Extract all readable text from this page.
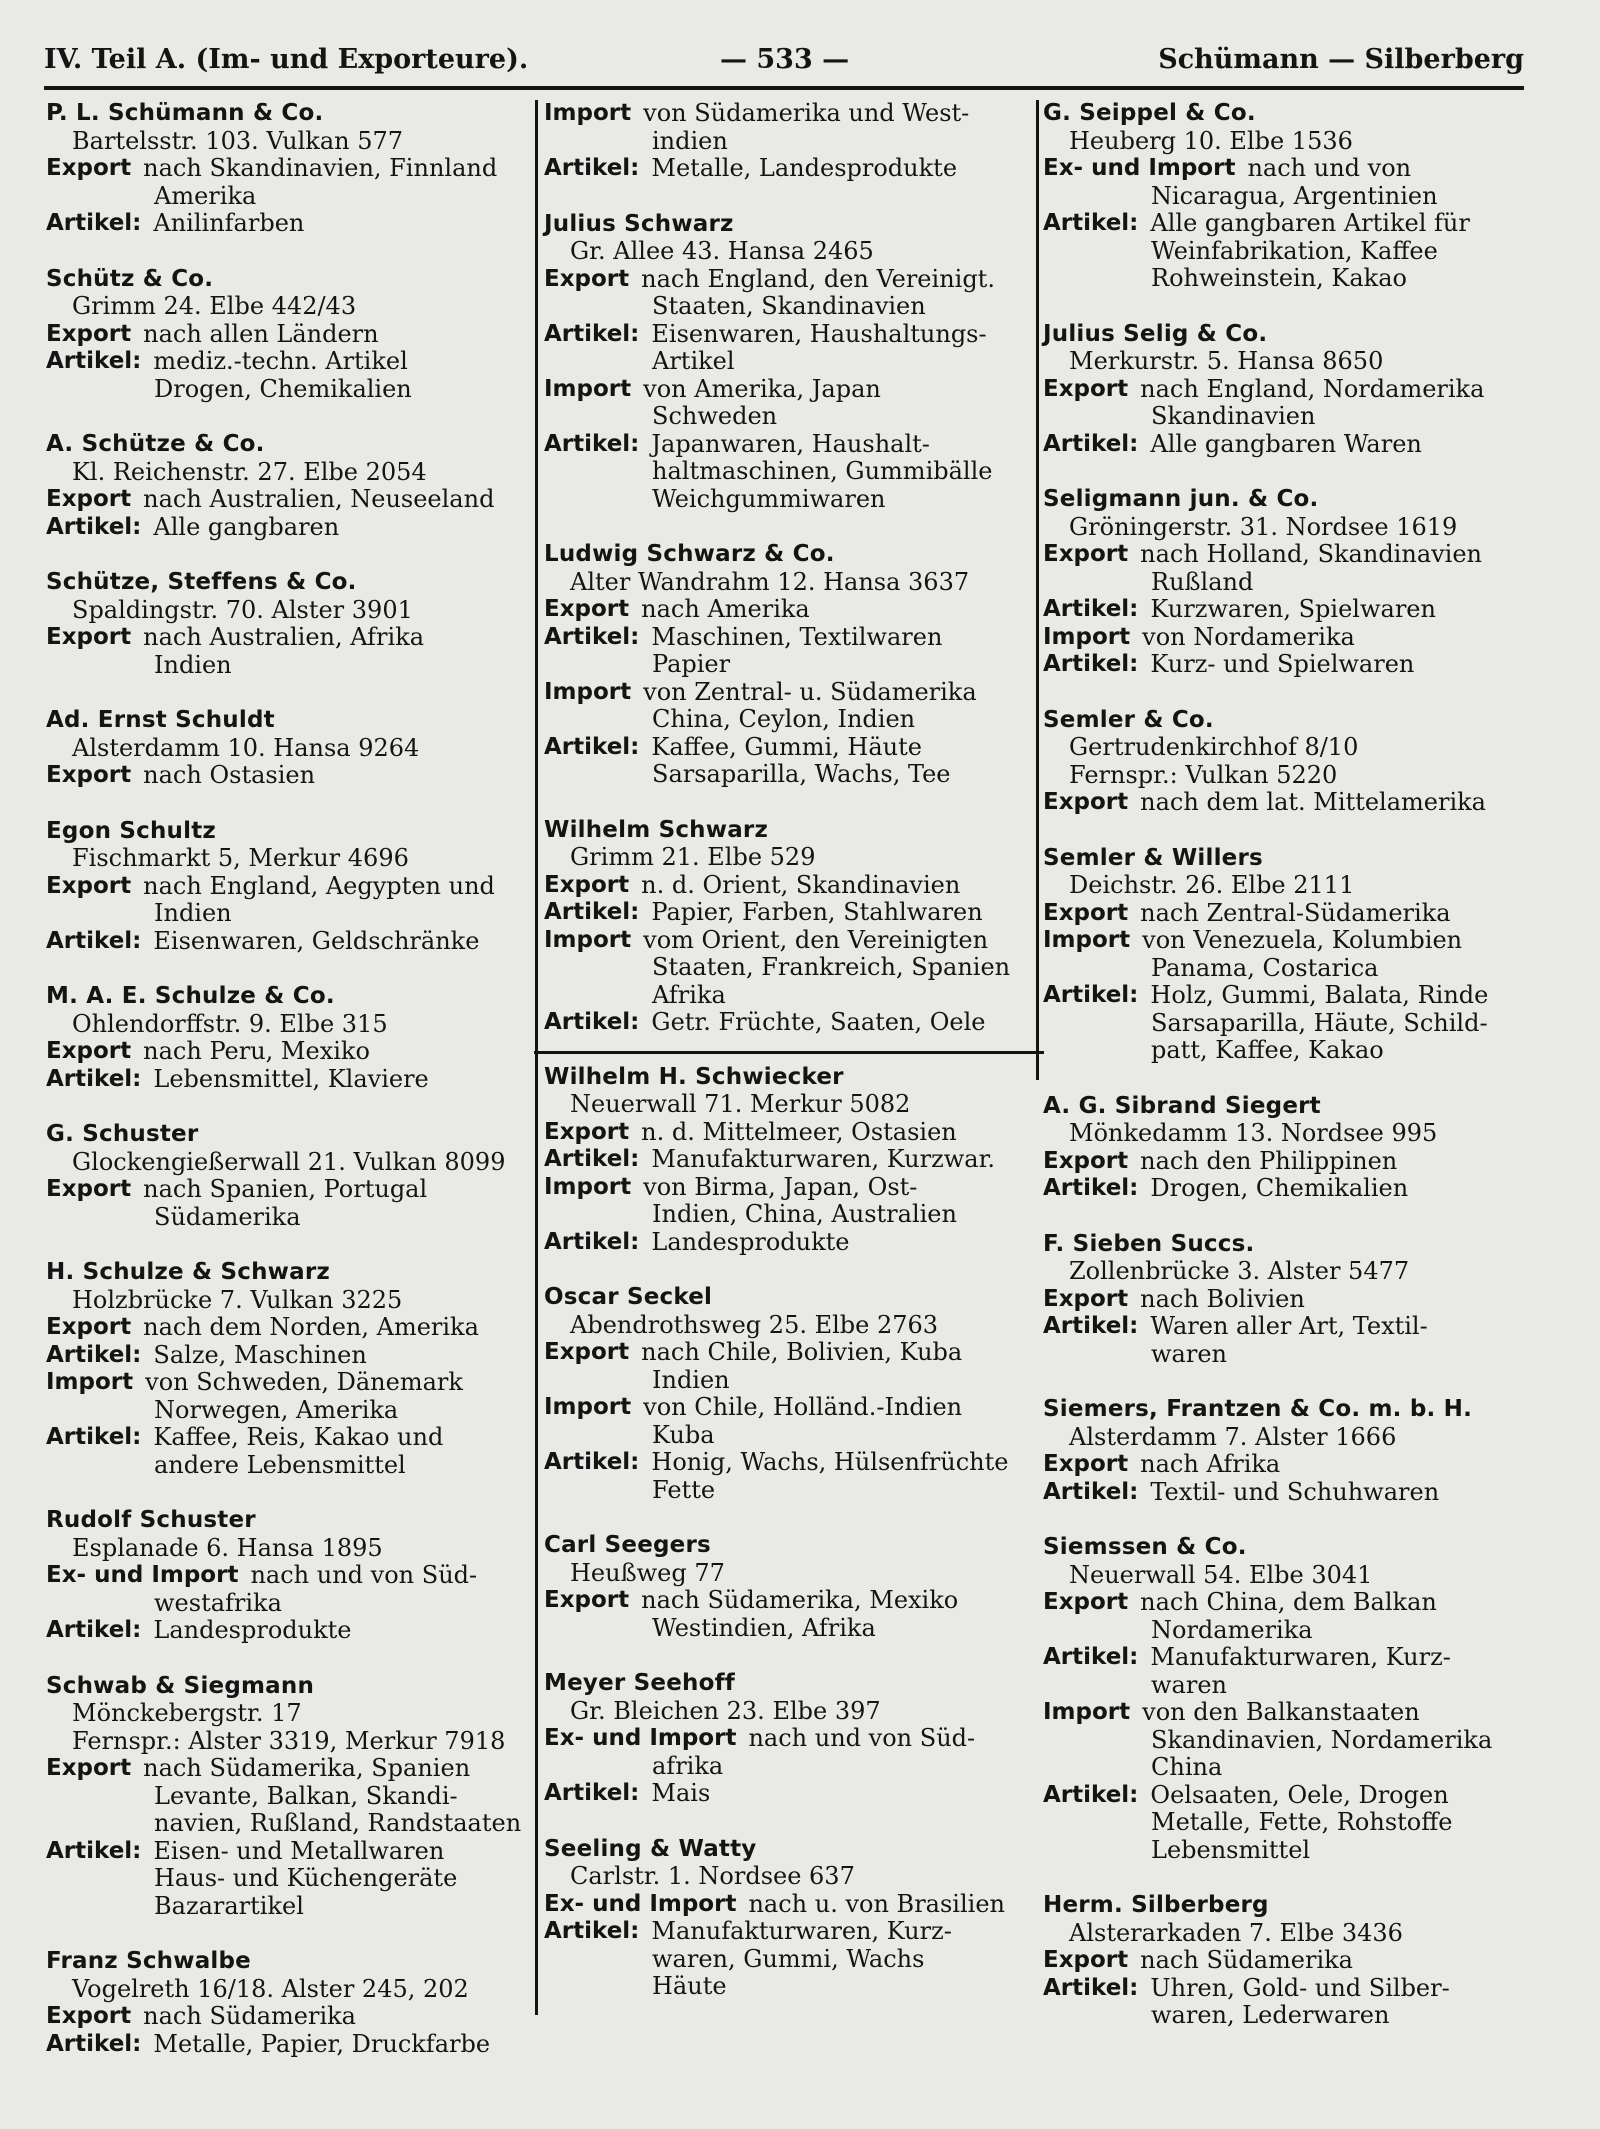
IV. Teil A. (Im- und Exporteure).	— 533 —	Schümann — Silberberg
P. L. Schümann & Co.
Bartelsstr. 103. Vulkan 577
Export nach Skandinavien, Finnland
Amerika
Artikel: Anilinfarben
Schütz & Co.
Grimm 24. Elbe 442/43
Export nach allen Ländern
Artikel: mediz.-techn. Artikel
Drogen, Chemikalien
A. Schütze & Co.
Kl. Reichenstr. 27. Elbe 2054
Export nach Australien, Neuseeland
Artikel: Alle gangbaren
Schütze, Steffens & Co.
Spaldingstr. 70. Alster 3901
Export nach Australien, Afrika
Indien
Ad. Ernst Schuldt
Alsterdamm 10. Hansa 9264
Export nach Ostasien
Egon Schultz
Fischmarkt 5, Merkur 4696
Export nach England, Aegypten und
Indien
Artikel: Eisenwaren, Geldschränke
M. A. E. Schulze & Co.
Ohlendorffstr. 9. Elbe 315
Export nach Peru, Mexiko
Artikel: Lebensmittel, Klaviere
G. Schuster
Glockengießerwall 21. Vulkan 8099
Export nach Spanien, Portugal
Südamerika
H. Schulze & Schwarz
Holzbrücke 7. Vulkan 3225
Export nach dem Norden, Amerika
Artikel: Salze, Maschinen
Import von Schweden, Dänemark
Norwegen, Amerika
Artikel: Kaffee, Reis, Kakao und
andere Lebensmittel
Rudolf Schuster
Esplanade 6. Hansa 1895
Ex- und Import nach und von Süd-
westafrika
Artikel: Landesprodukte
Schwab & Siegmann
Mönckebergstr. 17
Fernspr.: Alster 3319, Merkur 7918
Export nach Südamerika, Spanien
Levante, Balkan, Skandi-
navien, Rußland, Randstaaten
Artikel: Eisen- und Metallwaren
Haus- und Küchengeräte
Bazarartikel
Franz Schwalbe
Vogelreth 16/18. Alster 245, 202
Export nach Südamerika
Artikel: Metalle, Papier, Druckfarbe
Import von Südamerika und West-
indien
Artikel: Metalle, Landesprodukte
Julius Schwarz
Gr. Allee 43. Hansa 2465
Export nach England, den Vereinigt.
Staaten, Skandinavien
Artikel: Eisenwaren, Haushaltungs-
Artikel
Import von Amerika, Japan
Schweden
Artikel: Japanwaren, Haushalt-
haltmaschinen, Gummibälle
Weichgummiwaren
Ludwig Schwarz & Co.
Alter Wandrahm 12. Hansa 3637
Export nach Amerika
Artikel: Maschinen, Textilwaren
Papier
Import von Zentral- u. Südamerika
China, Ceylon, Indien
Artikel: Kaffee, Gummi, Häute
Sarsaparilla, Wachs, Tee
Wilhelm Schwarz
Grimm 21. Elbe 529
Export n. d. Orient, Skandinavien
Artikel: Papier, Farben, Stahlwaren
Import vom Orient, den Vereinigten
Staaten, Frankreich, Spanien
Afrika
Artikel: Getr. Früchte, Saaten, Oele
Wilhelm H. Schwiecker
Neuerwall 71. Merkur 5082
Export n. d. Mittelmeer, Ostasien
Artikel: Manufakturwaren, Kurzwar.
Import von Birma, Japan, Ost-
Indien, China, Australien
Artikel: Landesprodukte
Oscar Seckel
Abendrothsweg 25. Elbe 2763
Export nach Chile, Bolivien, Kuba
Indien
Import von Chile, Holländ.-Indien
Kuba
Artikel: Honig, Wachs, Hülsenfrüchte
Fette
Carl Seegers
Heußweg 77
Export nach Südamerika, Mexiko
Westindien, Afrika
Meyer Seehoff
Gr. Bleichen 23. Elbe 397
Ex- und Import nach und von Süd-
afrika
Artikel: Mais
Seeling & Watty
Carlstr. 1. Nordsee 637
Ex- und Import nach u. von Brasilien
Artikel: Manufakturwaren, Kurz-
waren, Gummi, Wachs
Häute
G. Seippel & Co.
Heuberg 10. Elbe 1536
Ex- und Import nach und von
Nicaragua, Argentinien
Artikel: Alle gangbaren Artikel für
Weinfabrikation, Kaffee
Rohweinstein, Kakao
Julius Selig & Co.
Merkurstr. 5. Hansa 8650
Export nach England, Nordamerika
Skandinavien
Artikel: Alle gangbaren Waren
Seligmann jun. & Co.
Gröningerstr. 31. Nordsee 1619
Export nach Holland, Skandinavien
Rußland
Artikel: Kurzwaren, Spielwaren
Import von Nordamerika
Artikel: Kurz- und Spielwaren
Semler & Co.
Gertrudenkirchhof 8/10
Fernspr.: Vulkan 5220
Export nach dem lat. Mittelamerika
Semler & Willers
Deichstr. 26. Elbe 2111
Export nach Zentral-Südamerika
Import von Venezuela, Kolumbien
Panama, Costarica
Artikel: Holz, Gummi, Balata, Rinde
Sarsaparilla, Häute, Schild-
patt, Kaffee, Kakao
A. G. Sibrand Siegert
Mönkedamm 13. Nordsee 995
Export nach den Philippinen
Artikel: Drogen, Chemikalien
F. Sieben Succs.
Zollenbrücke 3. Alster 5477
Export nach Bolivien
Artikel: Waren aller Art, Textil-
waren
Siemers, Frantzen & Co. m. b. H.
Alsterdamm 7. Alster 1666
Export nach Afrika
Artikel: Textil- und Schuhwaren
Siemssen & Co.
Neuerwall 54. Elbe 3041
Export nach China, dem Balkan
Nordamerika
Artikel: Manufakturwaren, Kurz-
waren
Import von den Balkanstaaten
Skandinavien, Nordamerika
China
Artikel: Oelsaaten, Oele, Drogen
Metalle, Fette, Rohstoffe
Lebensmittel
Herm. Silberberg
Alsterarkaden 7. Elbe 3436
Export nach Südamerika
Artikel: Uhren, Gold- und Silber-
waren, Lederwaren
